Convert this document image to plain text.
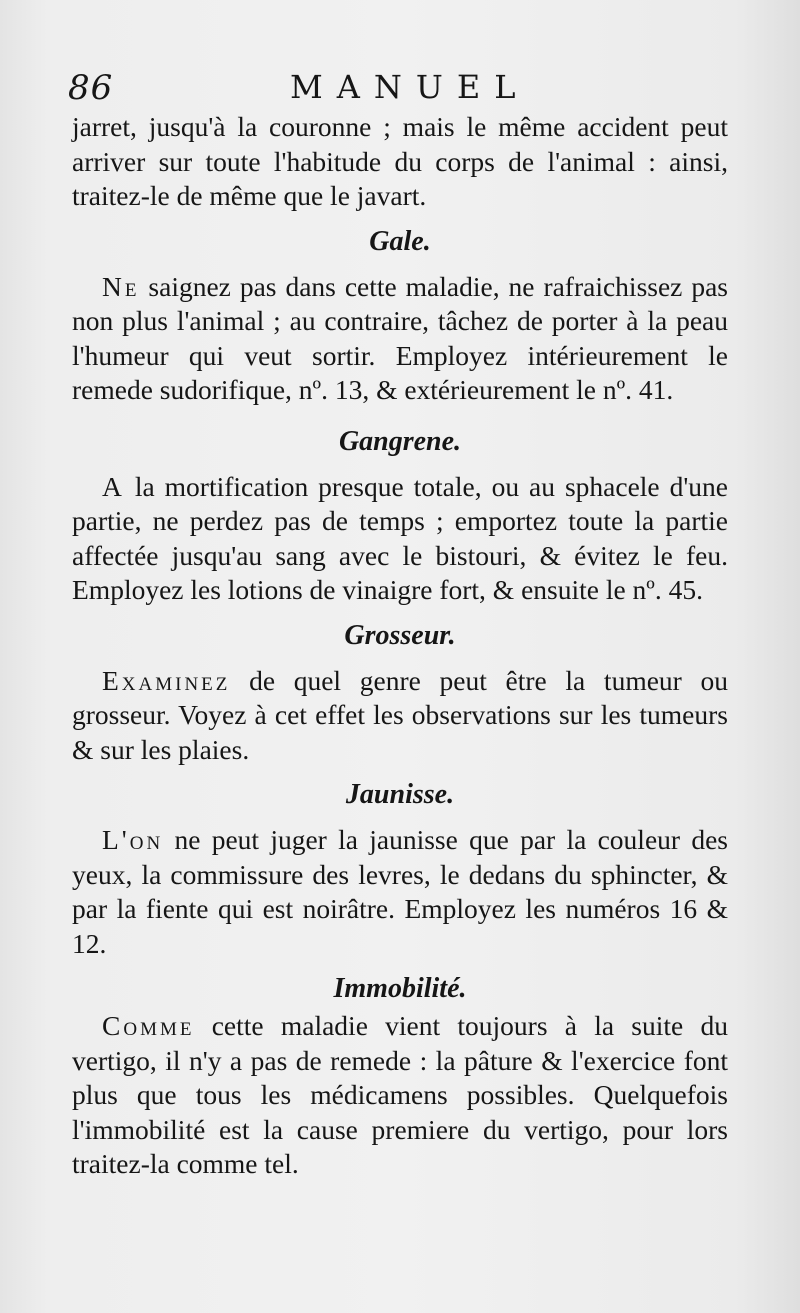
86	MANUEL

jarret, jusqu'à la couronne ; mais le même accident peut arriver sur toute l'habitude du corps de l'animal : ainsi, traitez-le de même que le javart.

Gale.

Ne saignez pas dans cette maladie, ne rafraichissez pas non plus l'animal ; au contraire, tâchez de porter à la peau l'humeur qui veut sortir. Employez intérieurement le remede sudorifique, nº. 13, & extérieurement le nº. 41.

Gangrene.

A la mortification presque totale, ou au sphacele d'une partie, ne perdez pas de temps ; emportez toute la partie affectée jusqu'au sang avec le bistouri, & évitez le feu. Employez les lotions de vinaigre fort, & ensuite le nº. 45.

Grosseur.

Examinez de quel genre peut être la tumeur ou grosseur. Voyez à cet effet les observations sur les tumeurs & sur les plaies.

Jaunisse.

L'on ne peut juger la jaunisse que par la couleur des yeux, la commissure des levres, le dedans du sphincter, & par la fiente qui est noirâtre. Employez les numéros 16 & 12.

Immobilité.

Comme cette maladie vient toujours à la suite du vertigo, il n'y a pas de remede : la pâture & l'exercice font plus que tous les médicamens possibles. Quelquefois l'immobilité est la cause premiere du vertigo, pour lors traitez-la comme tel.
